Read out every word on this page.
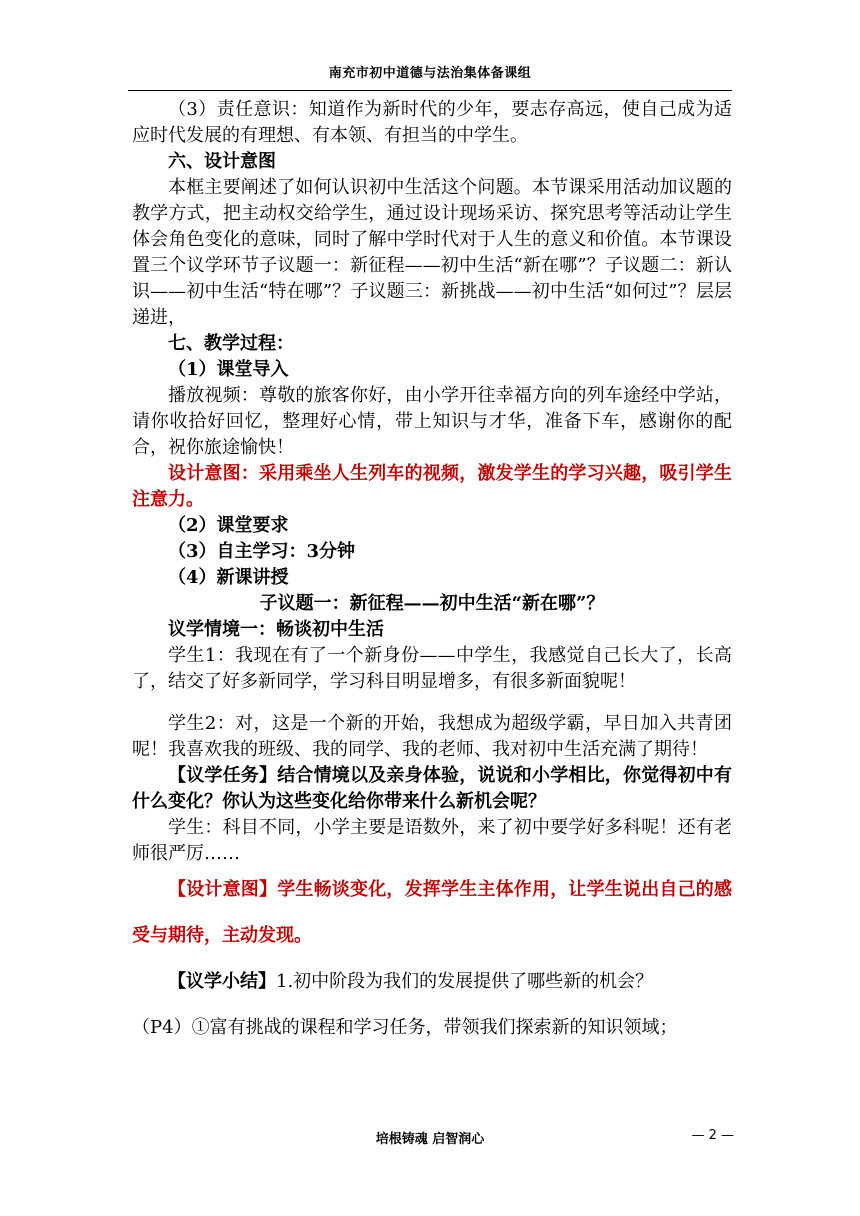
南充市初中道德与法治集体备课组

（3）责任意识：知道作为新时代的少年，要志存高远，使自己成为适应时代发展的有理想、有本领、有担当的中学生。

六、设计意图

本框主要阐述了如何认识初中生活这个问题。本节课采用活动加议题的教学方式，把主动权交给学生，通过设计现场采访、探究思考等活动让学生体会角色变化的意味，同时了解中学时代对于人生的意义和价值。本节课设置三个议学环节子议题一：新征程——初中生活“新在哪”？子议题二：新认识——初中生活“特在哪”？子议题三：新挑战——初中生活“如何过”？层层递进，

七、教学过程：

（1）课堂导入

播放视频：尊敬的旅客你好，由小学开往幸福方向的列车途经中学站，请你收拾好回忆，整理好心情，带上知识与才华，准备下车，感谢你的配合，祝你旅途愉快！

设计意图：采用乘坐人生列车的视频，激发学生的学习兴趣，吸引学生注意力。

（2）课堂要求

（3）自主学习：3分钟

（4）新课讲授

子议题一：新征程——初中生活“新在哪”？

议学情境一：畅谈初中生活

学生1：我现在有了一个新身份——中学生，我感觉自己长大了，长高了，结交了好多新同学，学习科目明显增多，有很多新面貌呢！

学生2：对，这是一个新的开始，我想成为超级学霸，早日加入共青团呢！我喜欢我的班级、我的同学、我的老师、我对初中生活充满了期待！

【议学任务】结合情境以及亲身体验，说说和小学相比，你觉得初中有什么变化？你认为这些变化给你带来什么新机会呢？

学生：科目不同，小学主要是语数外，来了初中要学好多科呢！还有老师很严厉……

【设计意图】学生畅谈变化，发挥学生主体作用，让学生说出自己的感受与期待，主动发现。

【议学小结】1.初中阶段为我们的发展提供了哪些新的机会？

（P4）①富有挑战的课程和学习任务，带领我们探索新的知识领域；

培根铸魂 启智润心	— 2 —
